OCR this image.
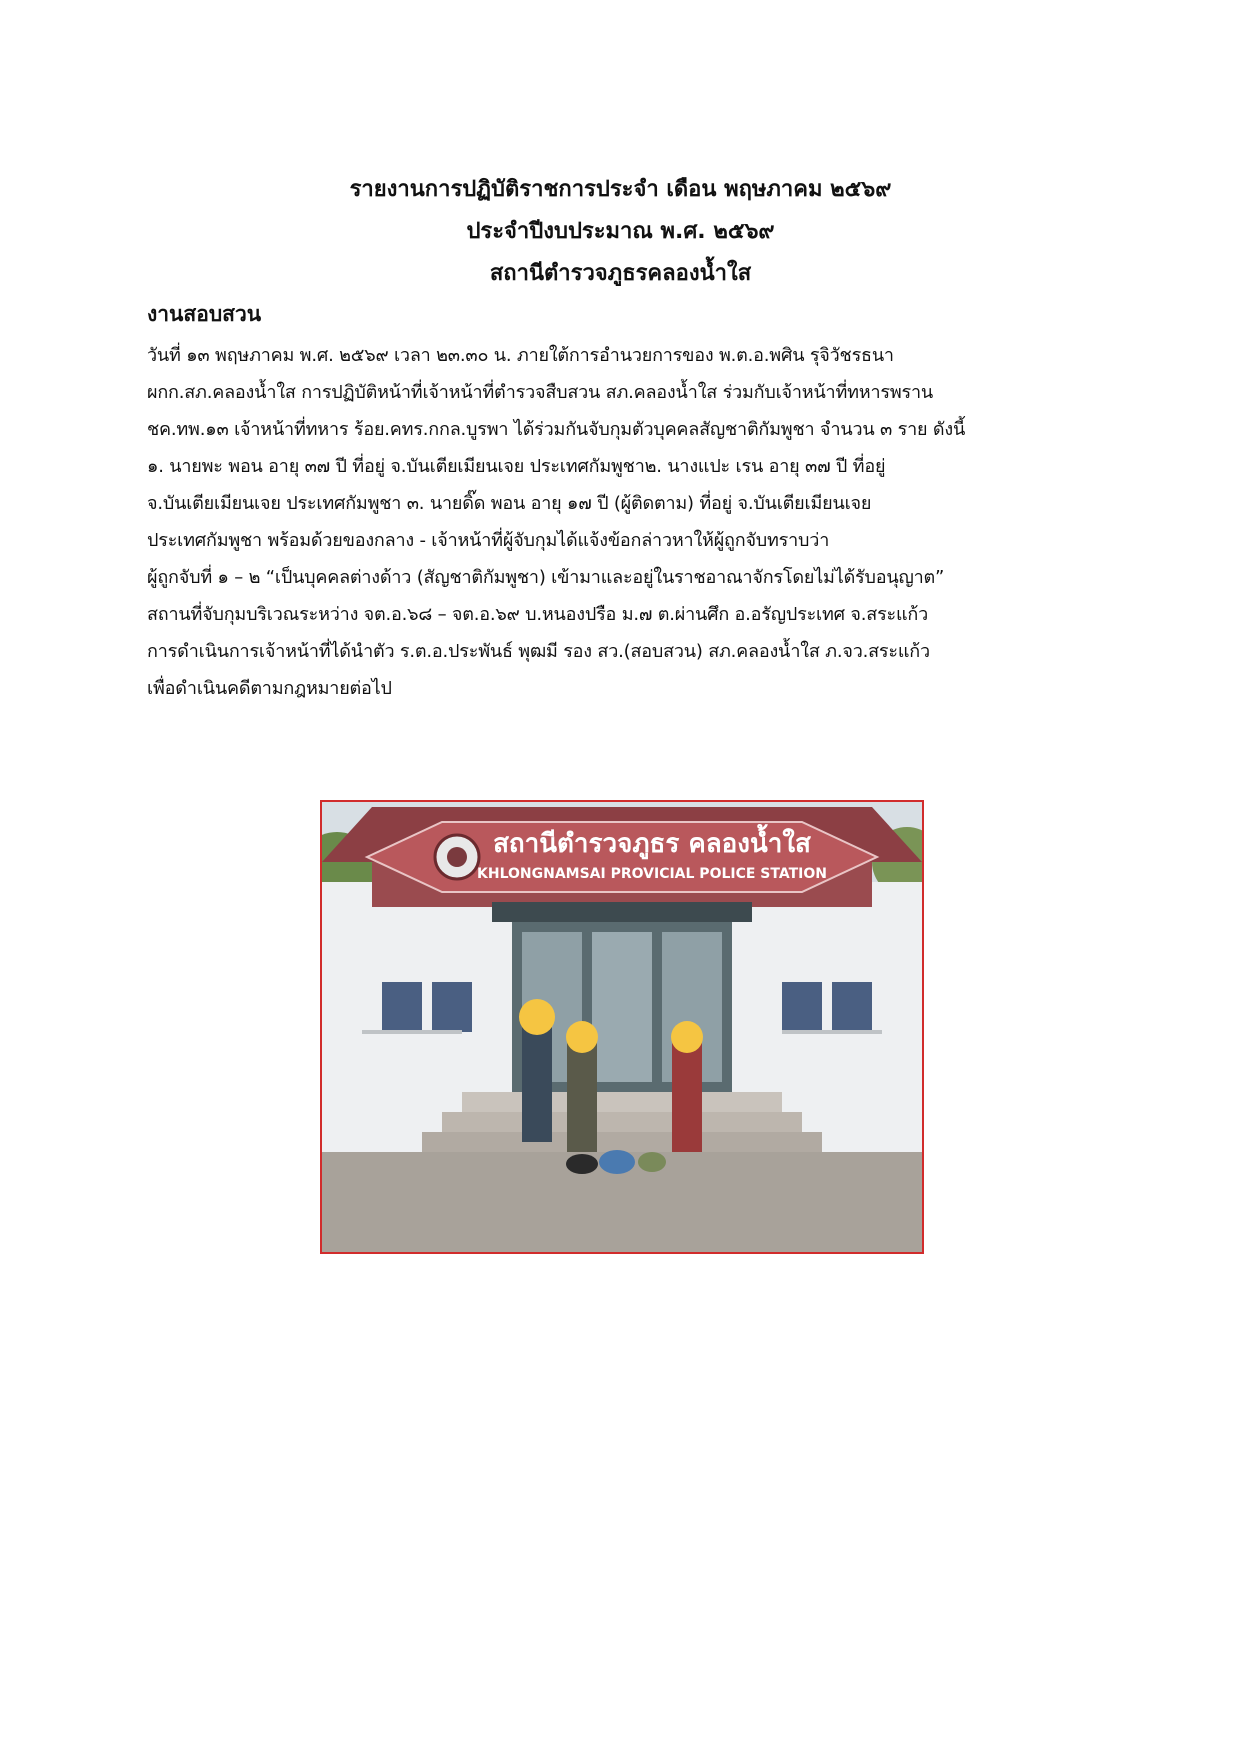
รายงานการปฏิบัติราชการประจำ เดือน พฤษภาคม ๒๕๖๙
ประจำปีงบประมาณ พ.ศ. ๒๕๖๙
สถานีตำรวจภูธรคลองน้ำใส
งานสอบสวน
วันที่ ๑๓ พฤษภาคม พ.ศ. ๒๕๖๙ เวลา ๒๓.๓๐ น. ภายใต้การอำนวยการของ พ.ต.อ.พศิน รุจิวัชรธนา
ผกก.สภ.คลองน้ำใส การปฏิบัติหน้าที่เจ้าหน้าที่ตำรวจสืบสวน สภ.คลองน้ำใส ร่วมกับเจ้าหน้าที่ทหารพราน
ชค.ทพ.๑๓ เจ้าหน้าที่ทหาร ร้อย.คทร.กกล.บูรพา ได้ร่วมกันจับกุมตัวบุคคลสัญชาติกัมพูชา จำนวน ๓ ราย ดังนี้
๑. นายพะ พอน อายุ ๓๗ ปี ที่อยู่ จ.บันเตียเมียนเจย ประเทศกัมพูชา๒. นางแปะ เรน อายุ ๓๗ ปี ที่อยู่
จ.บันเตียเมียนเจย ประเทศกัมพูชา ๓. นายดิ๊ด พอน อายุ ๑๗ ปี (ผู้ติดตาม) ที่อยู่ จ.บันเตียเมียนเจย
ประเทศกัมพูชา พร้อมด้วยของกลาง - เจ้าหน้าที่ผู้จับกุมได้แจ้งข้อกล่าวหาให้ผู้ถูกจับทราบว่า
ผู้ถูกจับที่ ๑ – ๒ “เป็นบุคคลต่างด้าว (สัญชาติกัมพูชา) เข้ามาและอยู่ในราชอาณาจักรโดยไม่ได้รับอนุญาต”
สถานที่จับกุมบริเวณระหว่าง จต.อ.๖๘ – จต.อ.๖๙ บ.หนองปรือ ม.๗ ต.ผ่านศึก อ.อรัญประเทศ จ.สระแก้ว
การดำเนินการเจ้าหน้าที่ได้นำตัว ร.ต.อ.ประพันธ์ พุฒมี รอง สว.(สอบสวน) สภ.คลองน้ำใส ภ.จว.สระแก้ว
เพื่อดำเนินคดีตามกฎหมายต่อไป
สถานีตำรวจภูธร คลองน้ำใส
KHLONGNAMSAI PROVICIAL POLICE STATION
